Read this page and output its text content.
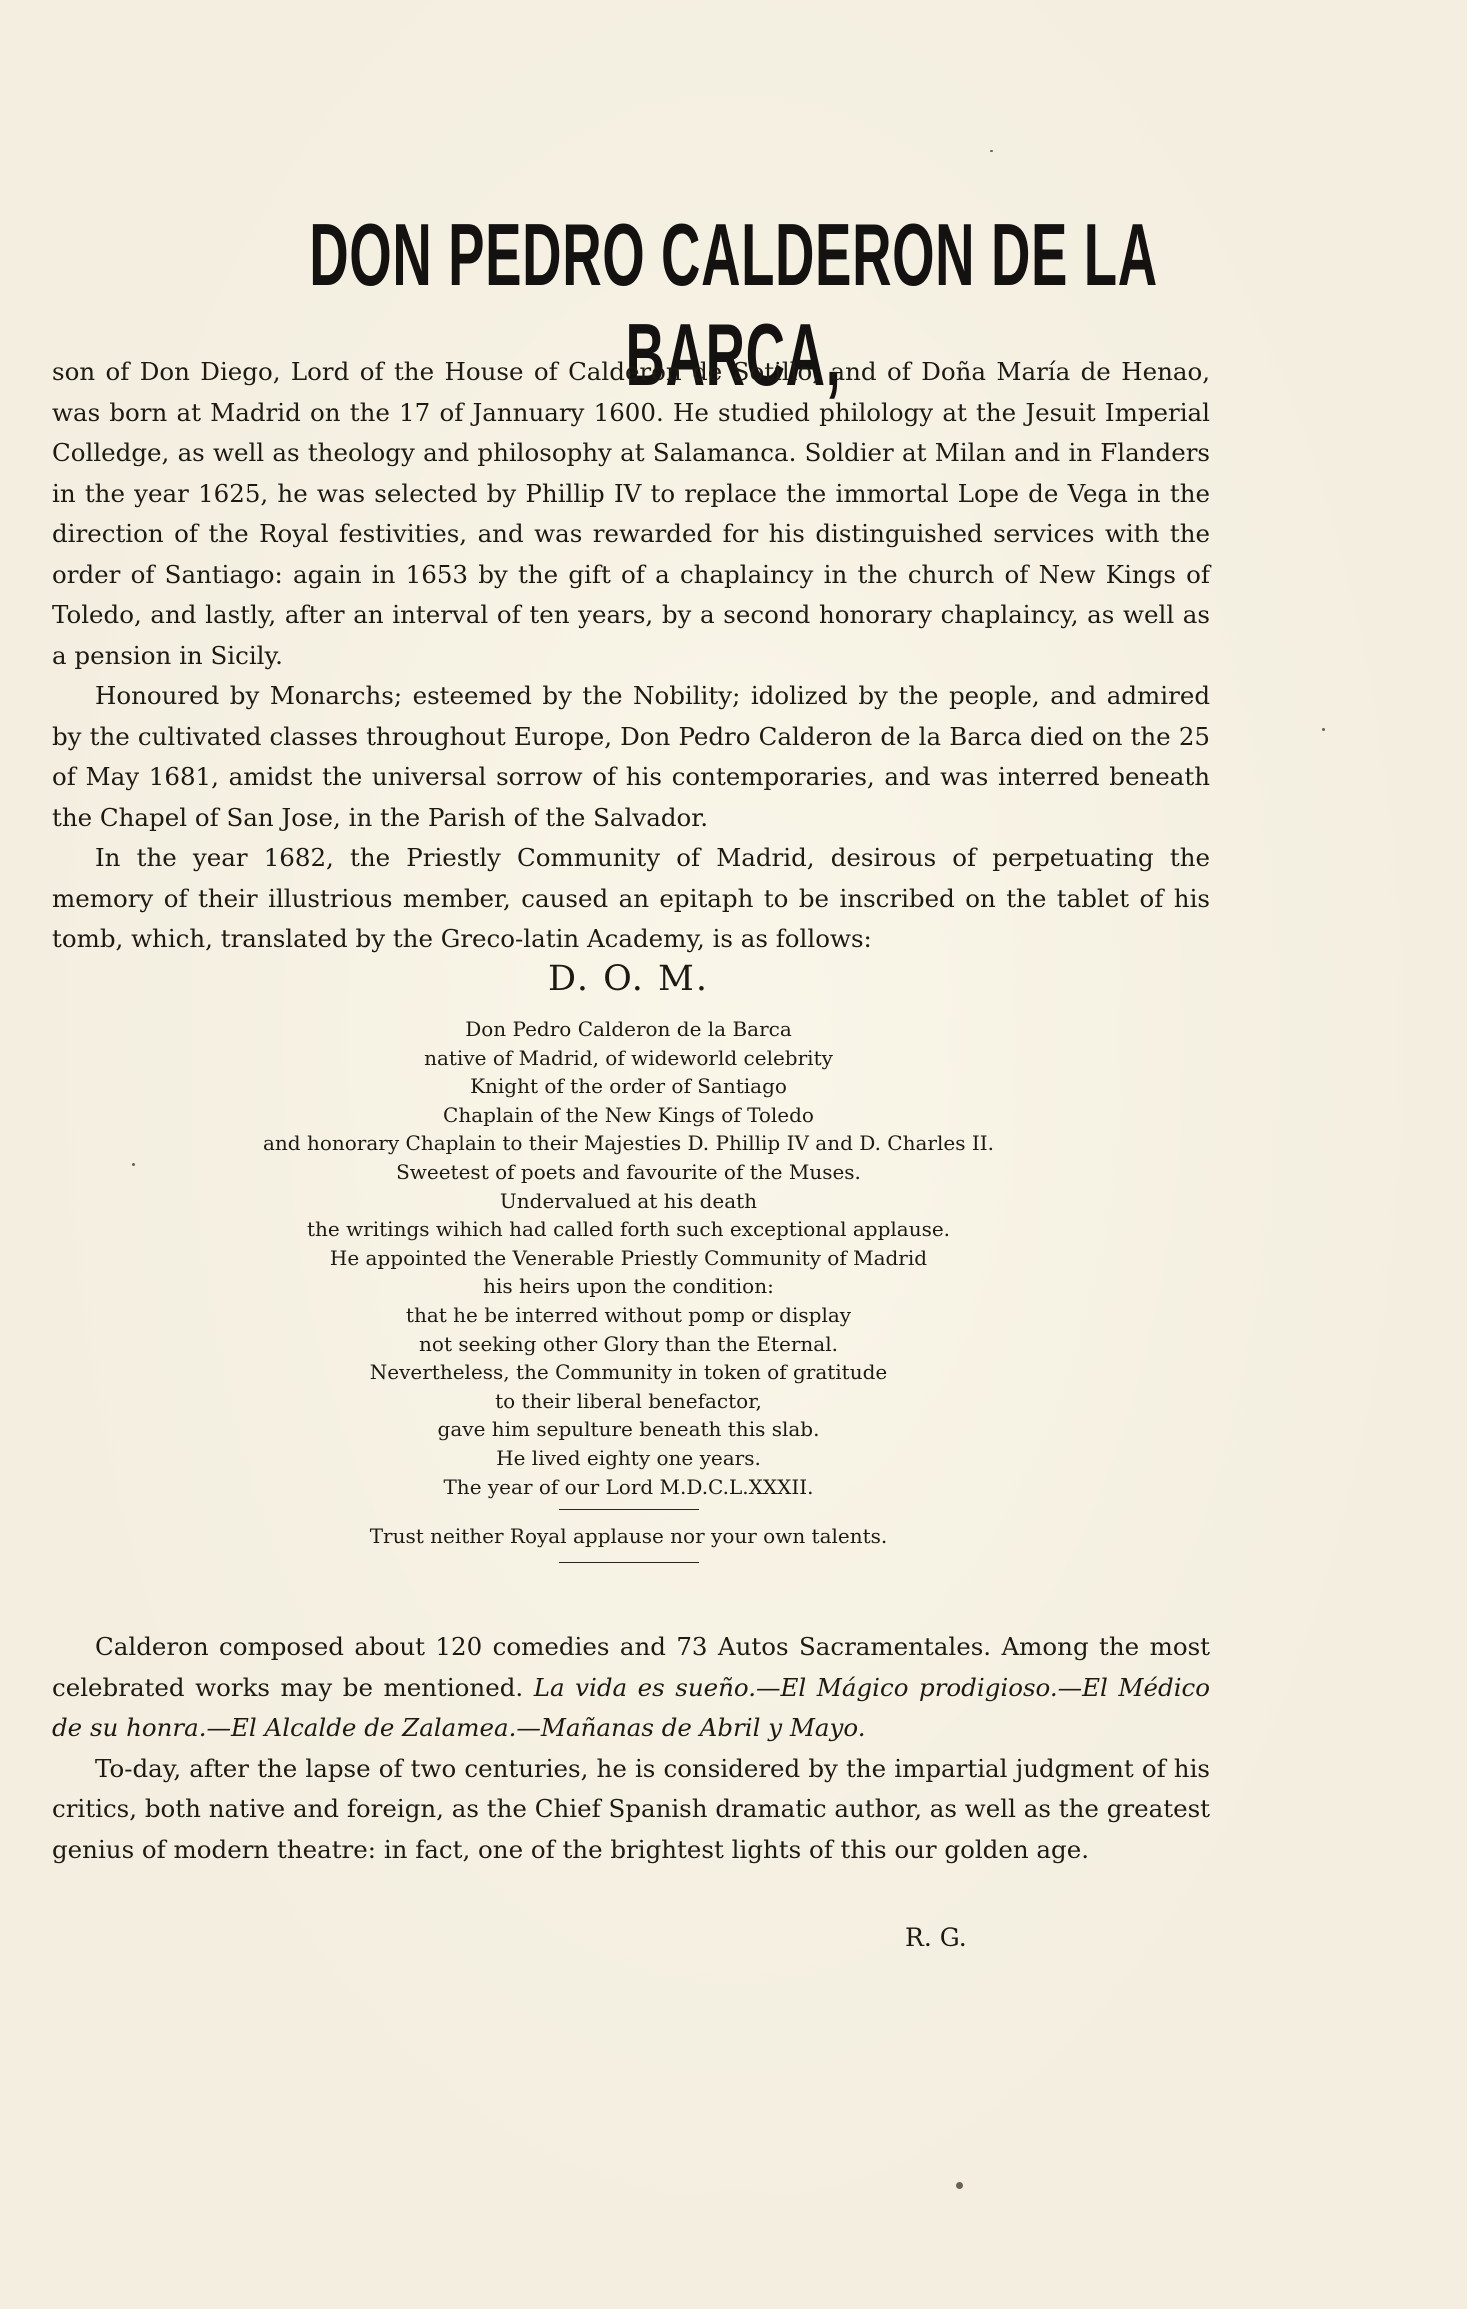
DON PEDRO CALDERON DE LA BARCA,

son of Don Diego, Lord of the House of Calderon de Sotillo, and of Doña María de Henao, was born at Madrid on the 17 of Jannuary 1600. He studied philology at the Jesuit Imperial Colledge, as well as theology and philosophy at Salamanca. Soldier at Milan and in Flanders in the year 1625, he was selected by Phillip IV to replace the immortal Lope de Vega in the direction of the Royal festivities, and was rewarded for his distinguished services with the order of Santiago: again in 1653 by the gift of a chaplaincy in the church of New Kings of Toledo, and lastly, after an interval of ten years, by a second honorary chaplaincy, as well as a pension in Sicily.

Honoured by Monarchs; esteemed by the Nobility; idolized by the people, and admired by the cultivated classes throughout Europe, Don Pedro Calderon de la Barca died on the 25 of May 1681, amidst the universal sorrow of his contemporaries, and was interred beneath the Chapel of San Jose, in the Parish of the Salvador.

In the year 1682, the Priestly Community of Madrid, desirous of perpetuating the memory of their illustrious member, caused an epitaph to be inscribed on the tablet of his tomb, which, translated by the Greco-latin Academy, is as follows:

D. O. M.
Don Pedro Calderon de la Barca
native of Madrid, of wideworld celebrity
Knight of the order of Santiago
Chaplain of the New Kings of Toledo
and honorary Chaplain to their Majesties D. Phillip IV and D. Charles II.
Sweetest of poets and favourite of the Muses.
Undervalued at his death
the writings wihich had called forth such exceptional applause.
He appointed the Venerable Priestly Community of Madrid
his heirs upon the condition:
that he be interred without pomp or display
not seeking other Glory than the Eternal.
Nevertheless, the Community in token of gratitude
to their liberal benefactor,
gave him sepulture beneath this slab.
He lived eighty one years.
The year of our Lord M.D.C.L.XXXII.
Trust neither Royal applause nor your own talents.

Calderon composed about 120 comedies and 73 Autos Sacramentales. Among the most celebrated works may be mentioned. La vida es sueño.—El Mágico prodigioso.—El Médico de su honra.—El Alcalde de Zalamea.—Mañanas de Abril y Mayo.

To-day, after the lapse of two centuries, he is considered by the impartial judgment of his critics, both native and foreign, as the Chief Spanish dramatic author, as well as the greatest genius of modern theatre: in fact, one of the brightest lights of this our golden age.

R. G.
